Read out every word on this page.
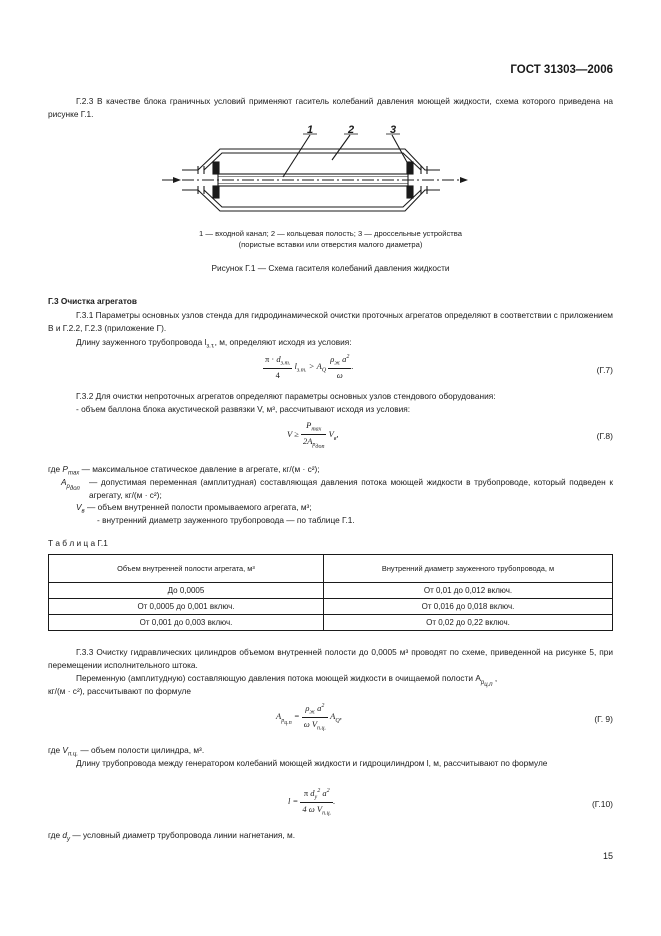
ГОСТ 31303—2006
Г.2.3 В качестве блока граничных условий применяют гаситель колебаний давления моющей жидкости, схема которого приведена на рисунке Г.1.
1	2	3
1 — входной канал; 2 — кольцевая полость; 3 — дроссельные устройства
(пористые вставки или отверстия малого диаметра)
Рисунок Г.1 — Схема гасителя колебаний давления жидкости
Г.3 Очистка агрегатов
Г.3.1 Параметры основных узлов стенда для гидродинамической очистки проточных агрегатов определяют в соответствии с приложением В и Г.2.2, Г.2.3 (приложение Г).
Длину зауженного трубопровода $l_{з.т.}$, м, определяют исходя из условия:
$\frac{\pi \cdot d_{з.т.}}{4} l_{з.т.} > A_Q \frac{\rho_ж a^2}{\omega}$ .	(Г.7)
Г.3.2 Для очистки непроточных агрегатов определяют параметры основных узлов стендового оборудования:
- объем баллона блока акустической развязки V, м³, рассчитывают исходя из условия:
$V \ge \frac{P_{max}}{2A_{p_{доп}}} V_в$,	(Г.8)
где $P_{max}$ — максимальное статическое давление в агрегате, кг/(м · с²);
$A_{p_{доп}}$
— допустимая переменная (амплитудная) составляющая давления потока моющей жидкости в трубопроводе, который подведен к агрегату, кг/(м · с²);
$V_в$ — объем внутренней полости промываемого агрегата, м³;
- внутренний диаметр зауженного трубопровода — по таблице Г.1.
Т а б л и ц а Г.1
Объем внутренней полости агрегата, м³	Внутренний диаметр зауженного трубопровода, м
До 0,0005	От 0,01 до 0,012 включ.
От 0,0005 до 0,001 включ.	От 0,016 до 0,018 включ.
От 0,001 до 0,003 включ.	От 0,02 до 0,22 включ.
Г.3.3 Очистку гидравлических цилиндров объемом внутренней полости до 0,0005 м³ проводят по схеме, приведенной на рисунке 5, при перемещении исполнительного штока.
Переменную (амплитудную) составляющую давления потока моющей жидкости в очищаемой полости $A_{p_{ц.п}}$ ,
кг/(м · с²), рассчитывают по формуле
$A_{p_{ц.п}} = \frac{\rho_ж a^2}{\omega V_{п.ц.}} A_Q$,	(Г. 9)
где $V_{п.ц.}$ — объем полости цилиндра, м³.
Длину трубопровода между генератором колебаний моющей жидкости и гидроцилиндром l, м, рассчитывают по формуле
$l = \frac{\pi d_у^2 a^2}{4 \omega V_{п.ц.}}$ .	(Г.10)
где $d_у$ — условный диаметр трубопровода линии нагнетания, м.
15
